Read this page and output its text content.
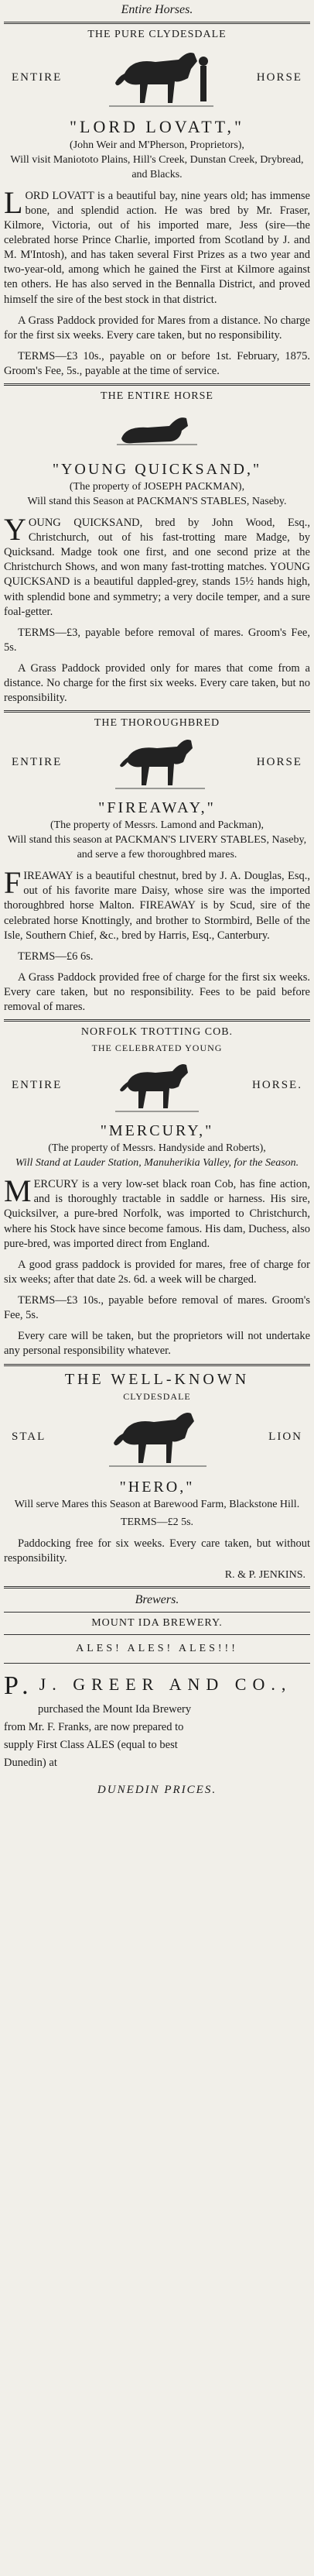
Entire Horses.
THE PURE CLYDESDALE
ENTIRE	HORSE
"LORD LOVATT,"

(John Weir and M'Pherson, Proprietors),

Will visit Maniototo Plains, Hill's Creek, Dunstan Creek, Drybread, and Blacks.

LORD LOVATT is a beautiful bay, nine years old; has immense bone, and splendid action. He was bred by Mr. Fraser, Kilmore, Victoria, out of his imported mare, Jess (sire—the celebrated horse Prince Charlie, imported from Scotland by J. and M. M'Intosh), and has taken several First Prizes as a two year and two-year-old, among which he gained the First at Kilmore against ten others. He has also served in the Bennalla District, and proved himself the sire of the best stock in that district.

A Grass Paddock provided for Mares from a distance. No charge for the first six weeks. Every care taken, but no responsibility.

TERMS—£3 10s., payable on or before 1st. February, 1875. Groom's Fee, 5s., payable at the time of service.

THE ENTIRE HORSE
"YOUNG QUICKSAND,"

(The property of JOSEPH PACKMAN),

Will stand this Season at PACKMAN'S STABLES, Naseby.

YOUNG QUICKSAND, bred by John Wood, Esq., Christchurch, out of his fast-trotting mare Madge, by Quicksand. Madge took one first, and one second prize at the Christchurch Shows, and won many fast-trotting matches. YOUNG QUICKSAND is a beautiful dappled-grey, stands 15½ hands high, with splendid bone and symmetry; a very docile temper, and a sure foal-getter.

TERMS—£3, payable before removal of mares. Groom's Fee, 5s.

A Grass Paddock provided only for mares that come from a distance. No charge for the first six weeks. Every care taken, but no responsibility.

THE THOROUGHBRED
ENTIRE	HORSE
"FIREAWAY,"

(The property of Messrs. Lamond and Packman),

Will stand this season at PACKMAN'S LIVERY STABLES, Naseby, and serve a few thoroughbred mares.

FIREAWAY is a beautiful chestnut, bred by J. A. Douglas, Esq., out of his favorite mare Daisy, whose sire was the imported thoroughbred horse Malton. FIREAWAY is by Scud, sire of the celebrated horse Knottingly, and brother to Stormbird, Belle of the Isle, Southern Chief, &c., bred by Harris, Esq., Canterbury.

TERMS—£6 6s.

A Grass Paddock provided free of charge for the first six weeks. Every care taken, but no responsibility. Fees to be paid before removal of mares.

NORFOLK TROTTING COB.
THE CELEBRATED YOUNG
ENTIRE	HORSE.
"MERCURY,"

(The property of Messrs. Handyside and Roberts),

Will Stand at Lauder Station, Manuherikia Valley, for the Season.

MERCURY is a very low-set black roan Cob, has fine action, and is thoroughly tractable in saddle or harness. His sire, Quicksilver, a pure-bred Norfolk, was imported to Christchurch, where his Stock have since become famous. His dam, Duchess, also pure-bred, was imported direct from England.

A good grass paddock is provided for mares, free of charge for six weeks; after that date 2s. 6d. a week will be charged.

TERMS—£3 10s., payable before removal of mares. Groom's Fee, 5s.

Every care will be taken, but the proprietors will not undertake any personal responsibility whatever.

THE WELL-KNOWN
CLYDESDALE
STAL	LION
"HERO,"

Will serve Mares this Season at Barewood Farm, Blackstone Hill.

TERMS—£2 5s.

Paddocking free for six weeks. Every care taken, but without responsibility.

R. & P. JENKINS.
Brewers.
MOUNT IDA BREWERY.
ALES! ALES! ALES!!!
P. J. GREER AND CO.,

purchased the Mount Ida Brewery

from Mr. F. Franks, are now prepared to

supply First Class ALES (equal to best

Dunedin) at

DUNEDIN PRICES.
